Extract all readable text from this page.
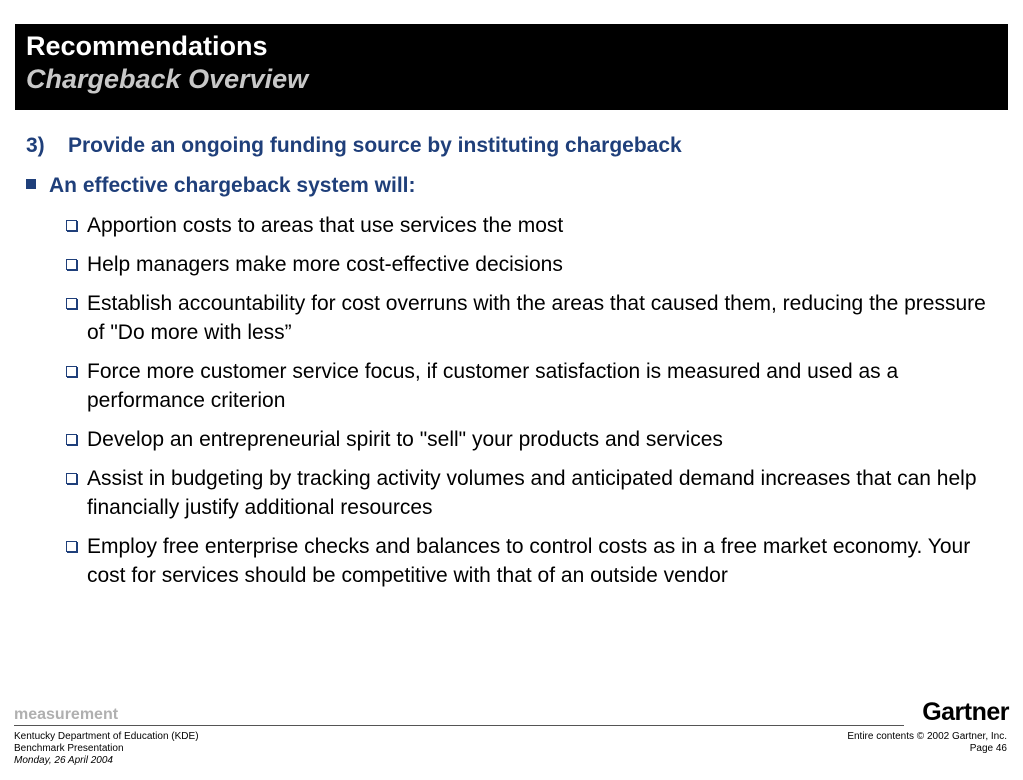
Recommendations
Chargeback Overview
3) Provide an ongoing funding source by instituting chargeback
An effective chargeback system will:
Apportion costs to areas that use services the most
Help managers make more cost-effective decisions
Establish accountability for cost overruns with the areas that caused them, reducing the pressure of "Do more with less”
Force more customer service focus, if customer satisfaction is measured and used as a performance criterion
Develop an entrepreneurial spirit to "sell" your products and services
Assist in budgeting by tracking activity volumes and anticipated demand increases that can help financially justify additional resources
Employ free enterprise checks and balances to control costs as in a free market economy. Your cost for services should be competitive with that of an outside vendor
measurement	Gartner
Kentucky Department of Education (KDE)
Benchmark Presentation
Monday, 26 April 2004
Entire contents © 2002 Gartner, Inc.
Page 46
